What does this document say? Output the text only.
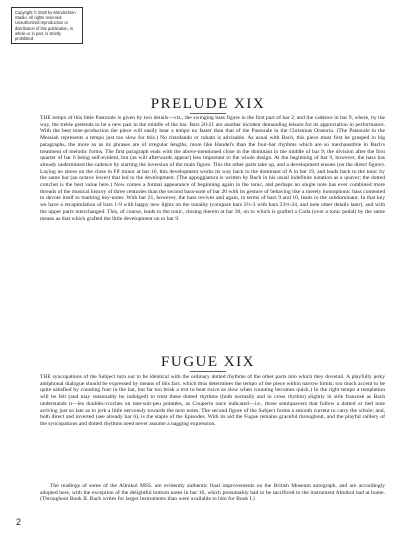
Copyright © 2025 by Mondschein Studio. All rights reserved. Unauthorized reproduction or distribution of this publication, in whole or in part, is strictly prohibited.
PRELUDE XIX

THE tempo of this little Pastorale is given by two details—viz., the swinging bass figure in the first part of bar 2, and the cadence in bar 9, where, by the way, the treble pretends to be a new part in the middle of the bar. Bars 20-21 are another incident demanding leisure for its appreciation in performance. With the best tone-production the piece will easily bear a tempo no faster than that of the Pastorale in the Christmas Oratorio. (The Pastorale in the Messiah represents a tempo just too slow for this.) No ritardando or rubato is advisable. As usual with Bach, this piece must first be grasped in big paragraphs, the more so as its phrases are of irregular lengths, more like Handel's than the four-bar rhythms which are so inexhaustible in Bach's treatment of melodic forms. The first paragraph ends with the above-mentioned close in the dominant in the middle of bar 9; the division after the first quarter of bar 6 being self-evident, but (as will afterwards appear) less important to the whole design. At the beginning of bar 9, however, the bass has already undermined the cadence by starting the inversion of the main figure. This the other parts take up, and a development ensues (on the direct figure). Laying no stress on the close in F♯ minor at bar 16, this development works its way back to the dominant of A in bar 19, and leads back to the tonic by the same bar (an octave lower) that led to the development. (The appoggiatura is written by Bach in his usual indefinite notation as a quaver; the dotted crotchet is the best value here.) Now comes a formal appearance of beginning again in the tonic, and perhaps no single note has ever combined more threads of the musical history of three centuries than the second bass-note of bar 20 with its gesture of behaving like a merely homophonic bass contented to devote itself to marking key-notes. With bar 21, however, the bass revives and again, in terms of bars 9 and 10, leads to the subdominant. In that key we have a recapitulation of bars 1-9 with happy new lights on the tonality (compare bars 2⅓-3 with bars 23⅓-24, and note other details later), and with the upper parts interchanged. This, of course, leads to the tonic, closing therein at bar 30, on to which is grafted a Coda (over a tonic pedal) by the same means as that which grafted the little development on to bar 9.

FUGUE XIX

THE syncopations of the Subject turn out to be identical with the ordinary dotted rhythms of the other parts into which they dovetail. A playfully jerky antiphonal dialogue should be expressed by means of this fact, which thus determines the tempo of the piece within narrow limits; too much accent to be quite satisfied by counting four in the bar, but far too brisk a trot to beat twice as slow when counting becomes quick.) In the right tempo a temptation will be felt (and may reasonably be indulged) to treat these dotted rhythms (both normally and in cross rhythm) slightly in stile francese as Bach understands it—les doubles-croches un tant-soit-peu pointées, as Couperin once indicated—i.e., those semiquavers that follow a dotted or tied note arriving just so late as to jerk a little nervously towards the next notes. The second figure of the Subject forms a smooth current to carry the whole; and, both direct and inverted (see already bar 6), is the staple of the Episodes. With its aid the Fugue remains graceful throughout, and the playful raillery of the syncopations and dotted rhythms need never assume a nagging expression.

The readings of some of the Altnikol MSS. are evidently authentic final improvements on the British Museum autograph, and are accordingly adopted here, with the exception of the delightful bottom notes in bar 16, which presumably had to be sacrificed to the instrument Altnikol had at home. (Throughout Book II. Bach writes for larger instruments than were available to him for Book I.)

2
